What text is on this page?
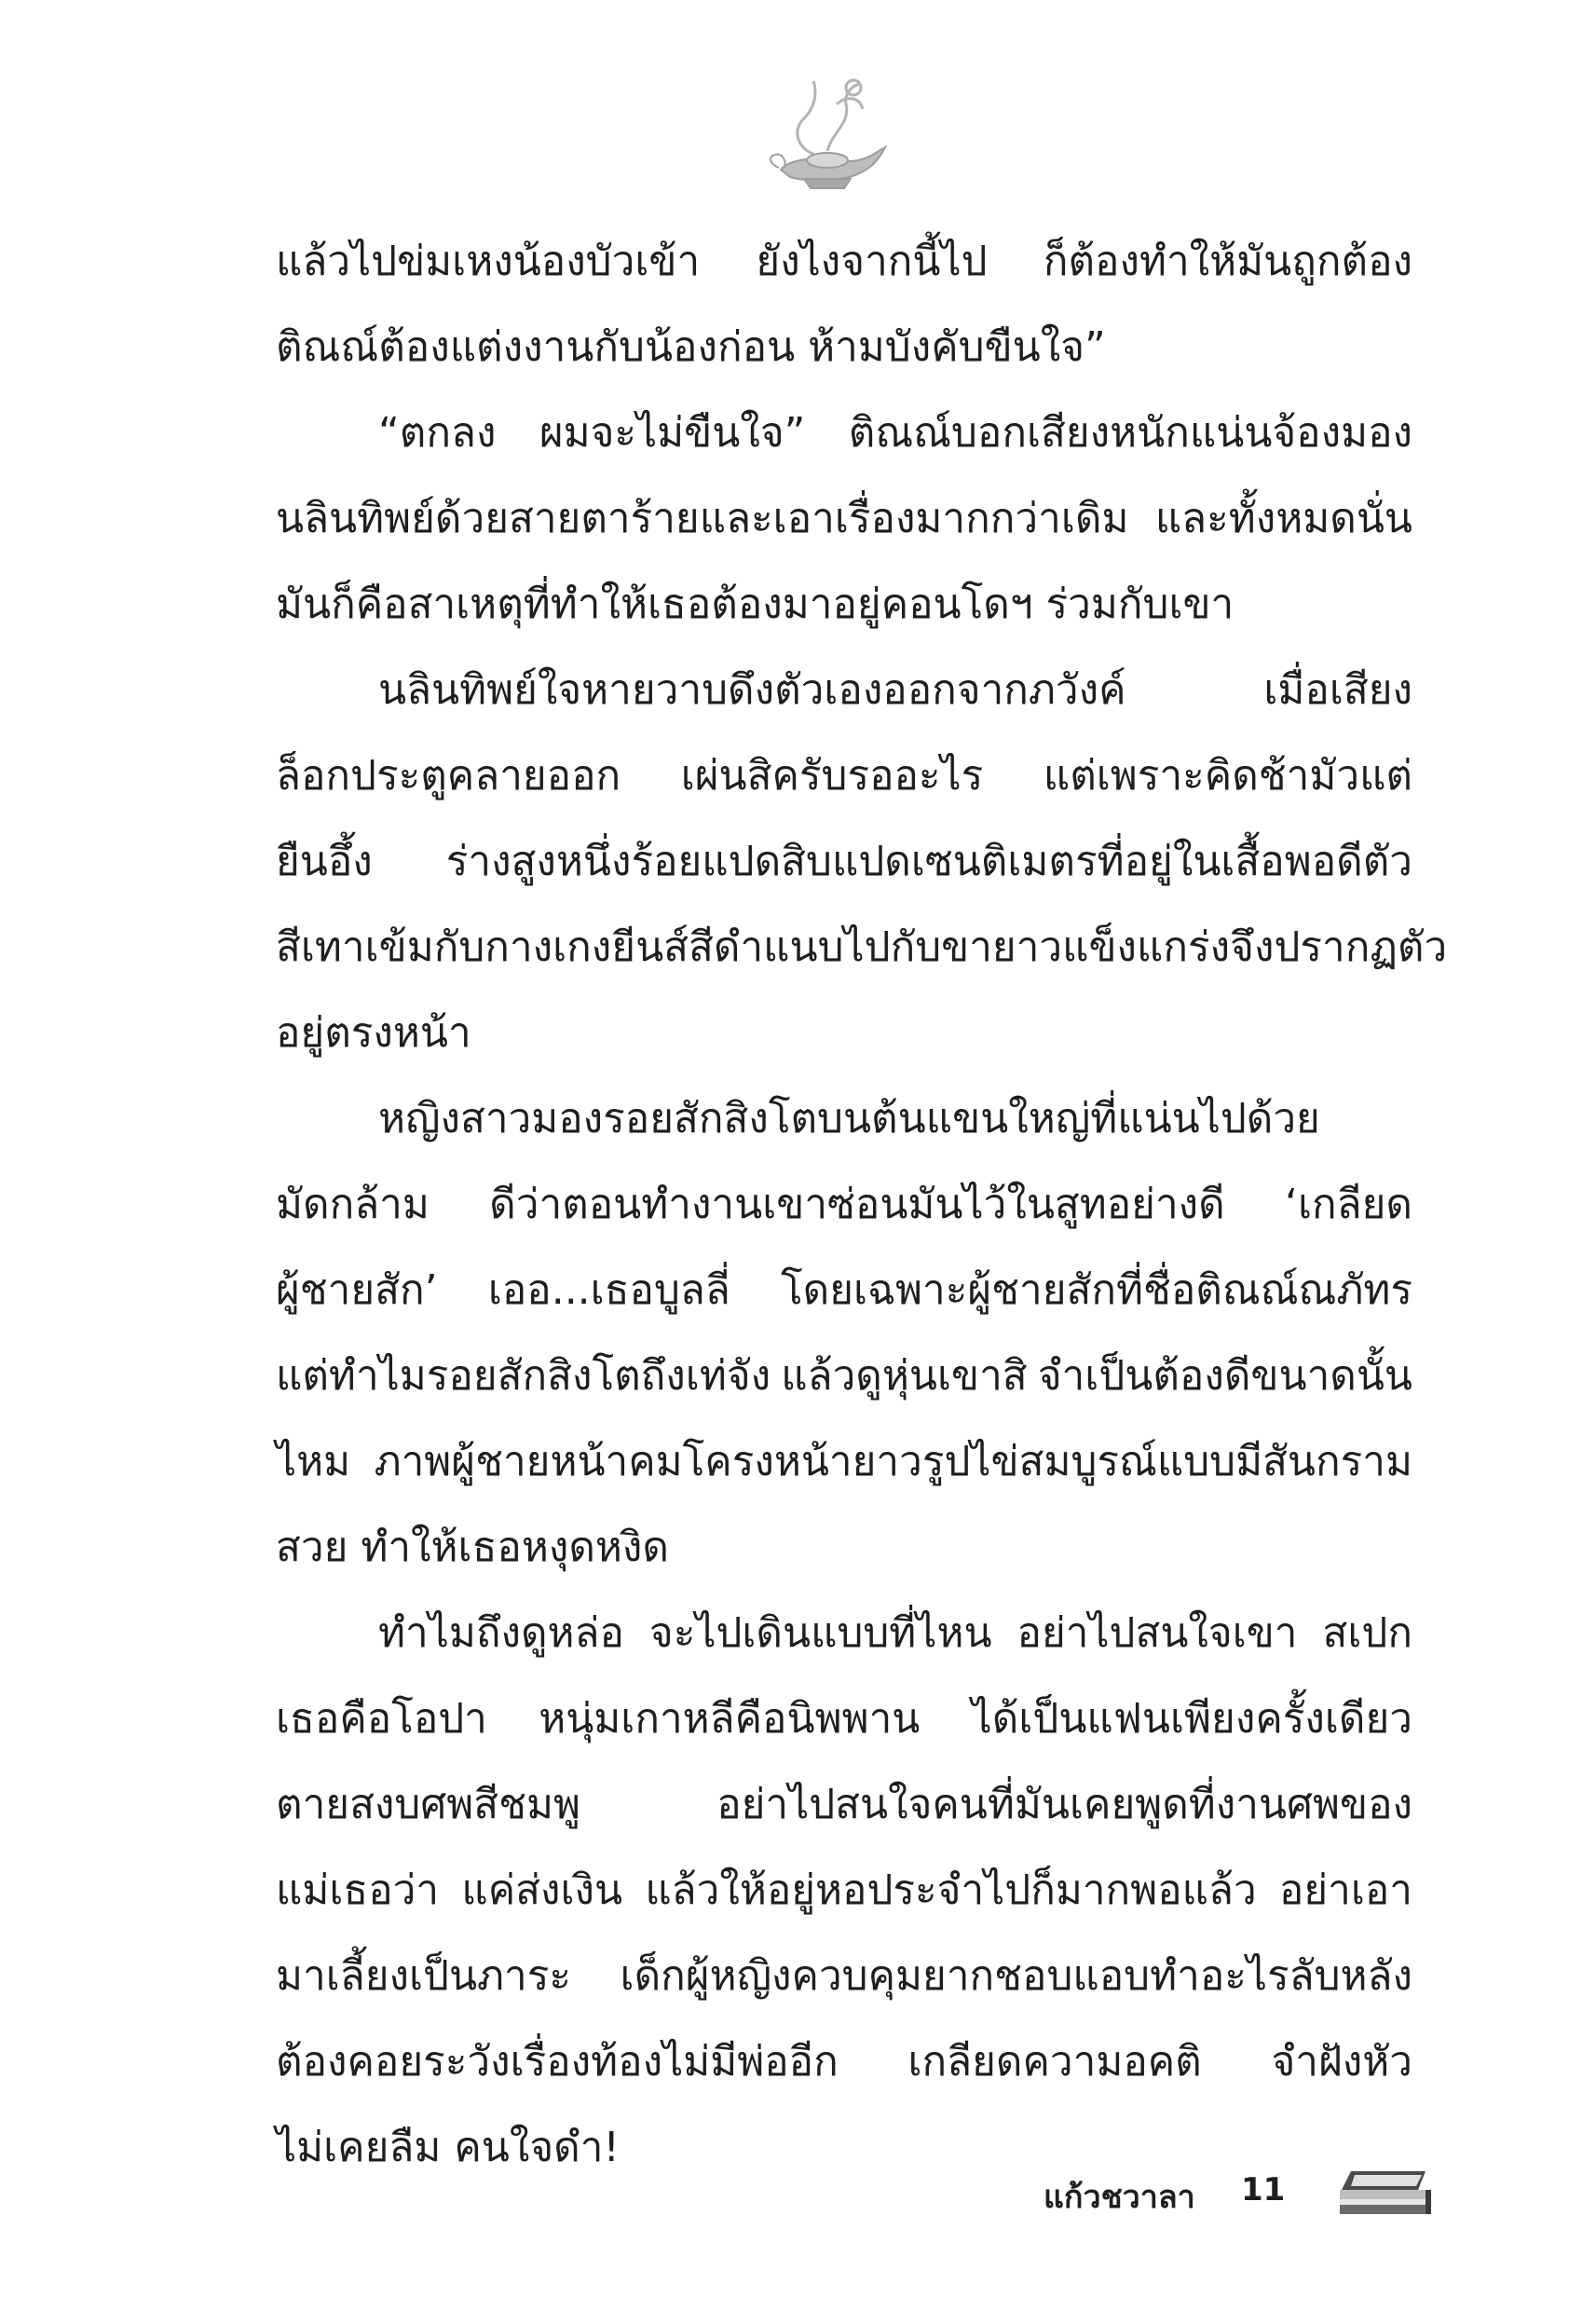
แล้วไปข่มเหงน้องบัวเข้า ยังไงจากนี้ไป ก็ต้องทำให้มันถูกต้อง
ติณณ์ต้องแต่งงานกับน้องก่อน ห้ามบังคับขืนใจ”
“ตกลง ผมจะไม่ขืนใจ” ติณณ์บอกเสียงหนักแน่นจ้องมอง
นลินทิพย์ด้วยสายตาร้ายและเอาเรื่องมากกว่าเดิม และทั้งหมดนั่น
มันก็คือสาเหตุที่ทำให้เธอต้องมาอยู่คอนโดฯ ร่วมกับเขา
นลินทิพย์ใจหายวาบดึงตัวเองออกจากภวังค์	เมื่อเสียง
ล็อกประตูคลายออก เผ่นสิครับรออะไร แต่เพราะคิดช้ามัวแต่
ยืนอึ้ง ร่างสูงหนึ่งร้อยแปดสิบแปดเซนติเมตรที่อยู่ในเสื้อพอดีตัว
สีเทาเข้มกับกางเกงยีนส์สีดำแนบไปกับขายาวแข็งแกร่ง จึงปรากฏตัว
อยู่ตรงหน้า
หญิงสาวมองรอยสักสิงโตบนต้นแขนใหญ่ที่แน่นไปด้วย
มัดกล้าม ดีว่าตอนทำงานเขาซ่อนมันไว้ในสูทอย่างดี ‘เกลียด
ผู้ชายสัก’ เออ...เธอบูลลี่ โดยเฉพาะผู้ชายสักที่ชื่อติณณ์ณภัทร
แต่ทำไมรอยสักสิงโตถึงเท่จัง แล้วดูหุ่นเขาสิ จำเป็นต้องดีขนาดนั้น
ไหม ภาพผู้ชายหน้าคมโครงหน้ายาวรูปไข่สมบูรณ์แบบมีสันกราม
สวย ทำให้เธอหงุดหงิด
ทำไมถึงดูหล่อ จะไปเดินแบบที่ไหน อย่าไปสนใจเขา สเปก
เธอคือโอปา หนุ่มเกาหลีคือนิพพาน ได้เป็นแฟนเพียงครั้งเดียว
ตายสงบศพสีชมพู	อย่าไปสนใจคนที่มันเคยพูดที่งานศพของ
แม่เธอว่า แค่ส่งเงิน แล้วให้อยู่หอประจำไปก็มากพอแล้ว อย่าเอา
มาเลี้ยงเป็นภาระ เด็กผู้หญิงควบคุมยากชอบแอบทำอะไรลับหลัง
ต้องคอยระวังเรื่องท้องไม่มีพ่ออีก เกลียดความอคติ จำฝังหัว
ไม่เคยลืม คนใจดำ!
แก้วชวาลา 11
